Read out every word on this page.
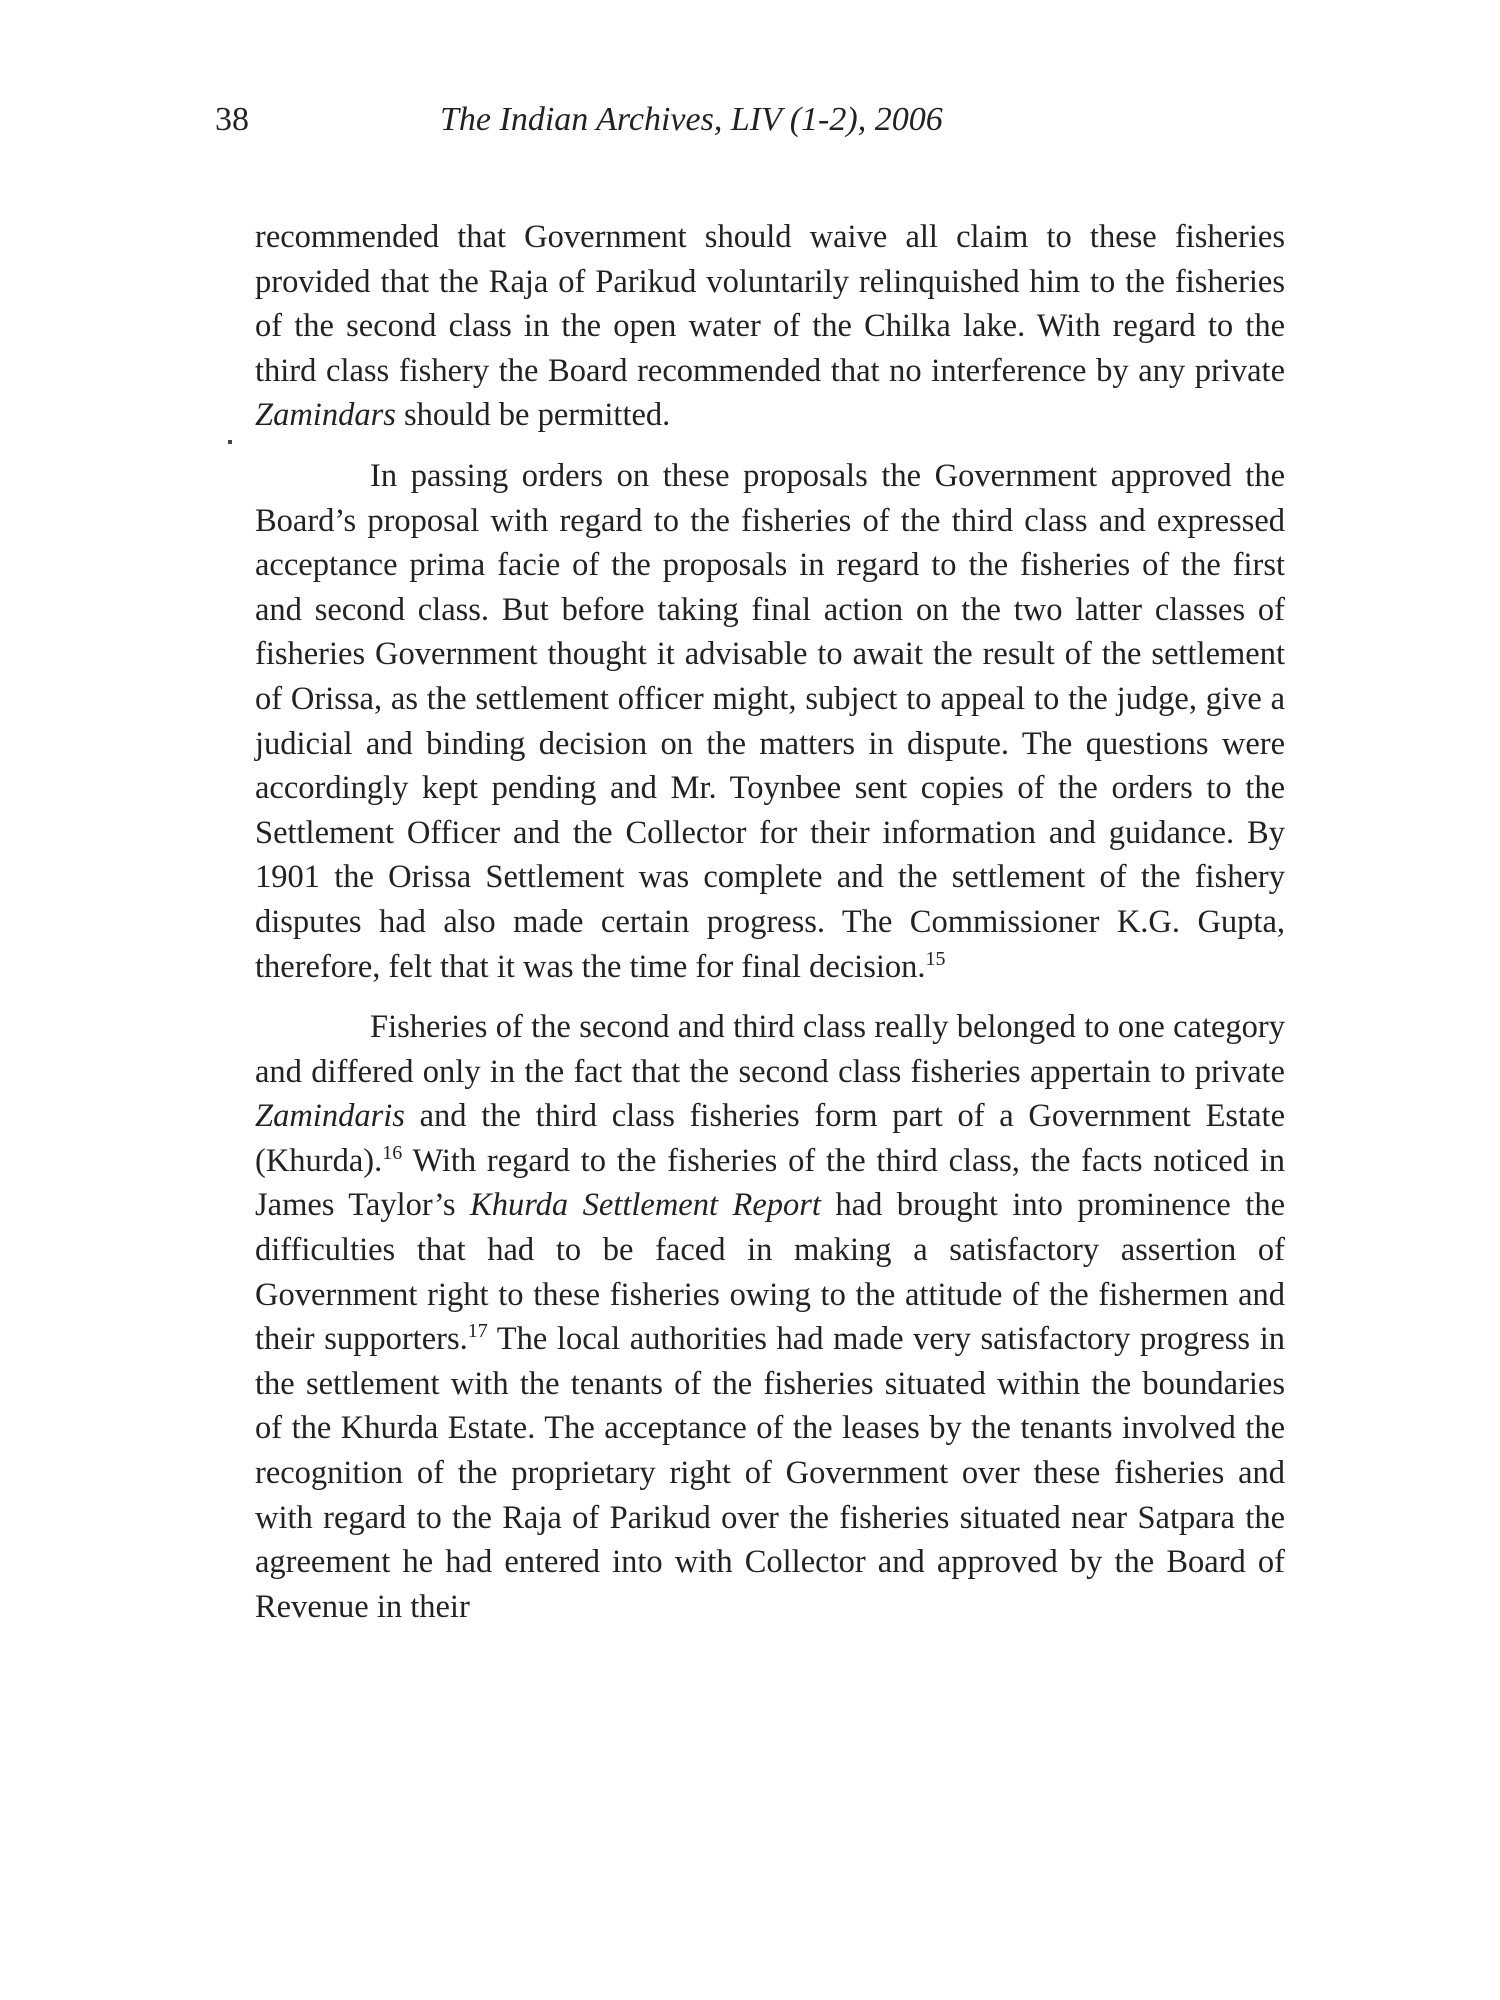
38	The Indian Archives, LIV (1-2), 2006

recommended that Government should waive all claim to these fisheries provided that the Raja of Parikud voluntarily relinquished him to the fisheries of the second class in the open water of the Chilka lake. With regard to the third class fishery the Board recommended that no interference by any private Zamindars should be permitted.

In passing orders on these proposals the Government approved the Board’s proposal with regard to the fisheries of the third class and expressed acceptance prima facie of the proposals in regard to the fisheries of the first and second class. But before taking final action on the two latter classes of fisheries Government thought it advisable to await the result of the settlement of Orissa, as the settlement officer might, subject to appeal to the judge, give a judicial and binding decision on the matters in dispute. The questions were accordingly kept pending and Mr. Toynbee sent copies of the orders to the Settlement Officer and the Collector for their information and guidance. By 1901 the Orissa Settlement was complete and the settlement of the fishery disputes had also made certain progress. The Commissioner K.G. Gupta, therefore, felt that it was the time for final decision.$^{15}$

Fisheries of the second and third class really belonged to one category and differed only in the fact that the second class fisheries appertain to private Zamindaris and the third class fisheries form part of a Government Estate (Khurda).$^{16}$ With regard to the fisheries of the third class, the facts noticed in James Taylor’s Khurda Settlement Report had brought into prominence the difficulties that had to be faced in making a satisfactory assertion of Government right to these fisheries owing to the attitude of the fishermen and their supporters.$^{17}$ The local authorities had made very satisfactory progress in the settlement with the tenants of the fisheries situated within the boundaries of the Khurda Estate. The acceptance of the leases by the tenants involved the recognition of the proprietary right of Government over these fisheries and with regard to the Raja of Parikud over the fisheries situated near Satpara the agreement he had entered into with Collector and approved by the Board of Revenue in their
